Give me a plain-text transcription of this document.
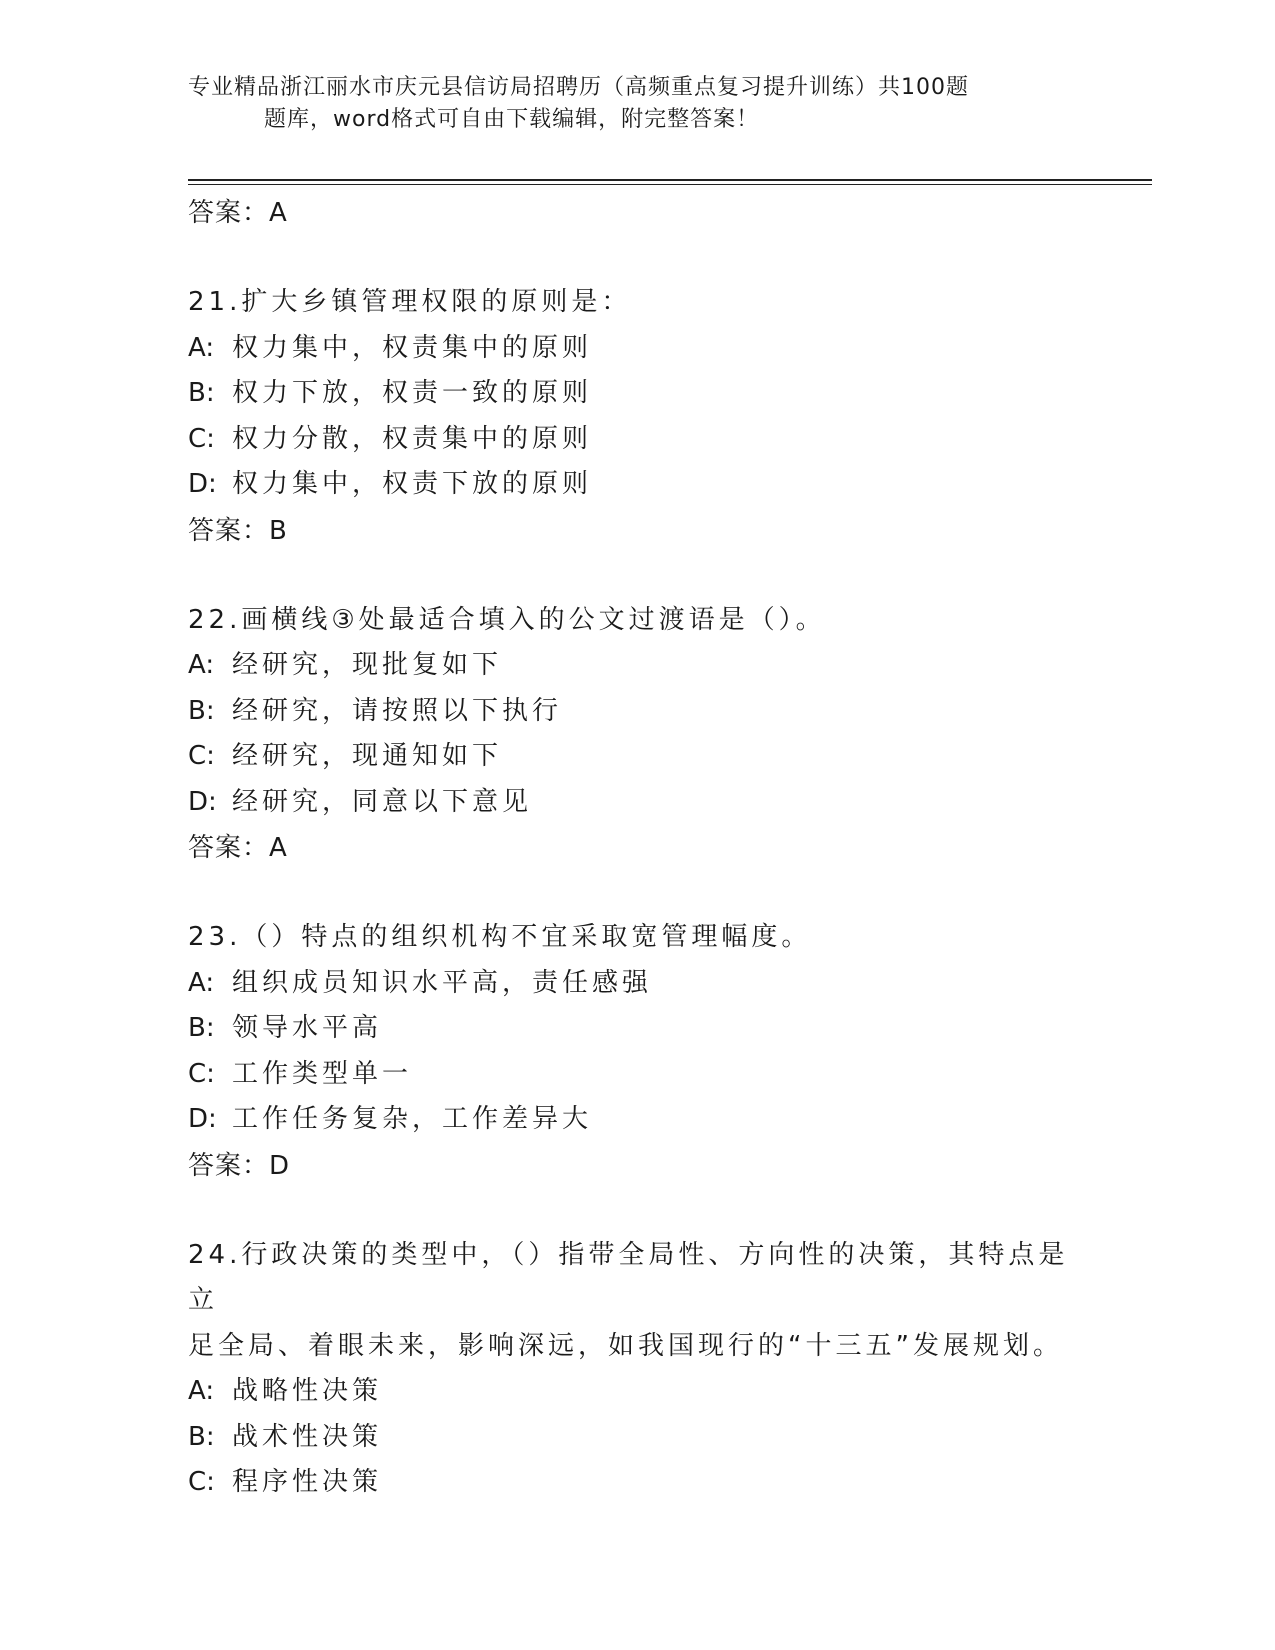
专业精品浙江丽水市庆元县信访局招聘历（高频重点复习提升训练）共100题
题库，word格式可自由下载编辑，附完整答案！
答案：A
21.扩大乡镇管理权限的原则是：
A: 权力集中，权责集中的原则
B: 权力下放，权责一致的原则
C: 权力分散，权责集中的原则
D: 权力集中，权责下放的原则
答案：B
22.画横线③处最适合填入的公文过渡语是（）。
A: 经研究，现批复如下
B: 经研究，请按照以下执行
C: 经研究，现通知如下
D: 经研究，同意以下意见
答案：A
23.（）特点的组织机构不宜采取宽管理幅度。
A: 组织成员知识水平高，责任感强
B: 领导水平高
C: 工作类型单一
D: 工作任务复杂，工作差异大
答案：D
24.行政决策的类型中，（）指带全局性、方向性的决策，其特点是立
足全局、着眼未来，影响深远，如我国现行的“十三五”发展规划。
A: 战略性决策
B: 战术性决策
C: 程序性决策
